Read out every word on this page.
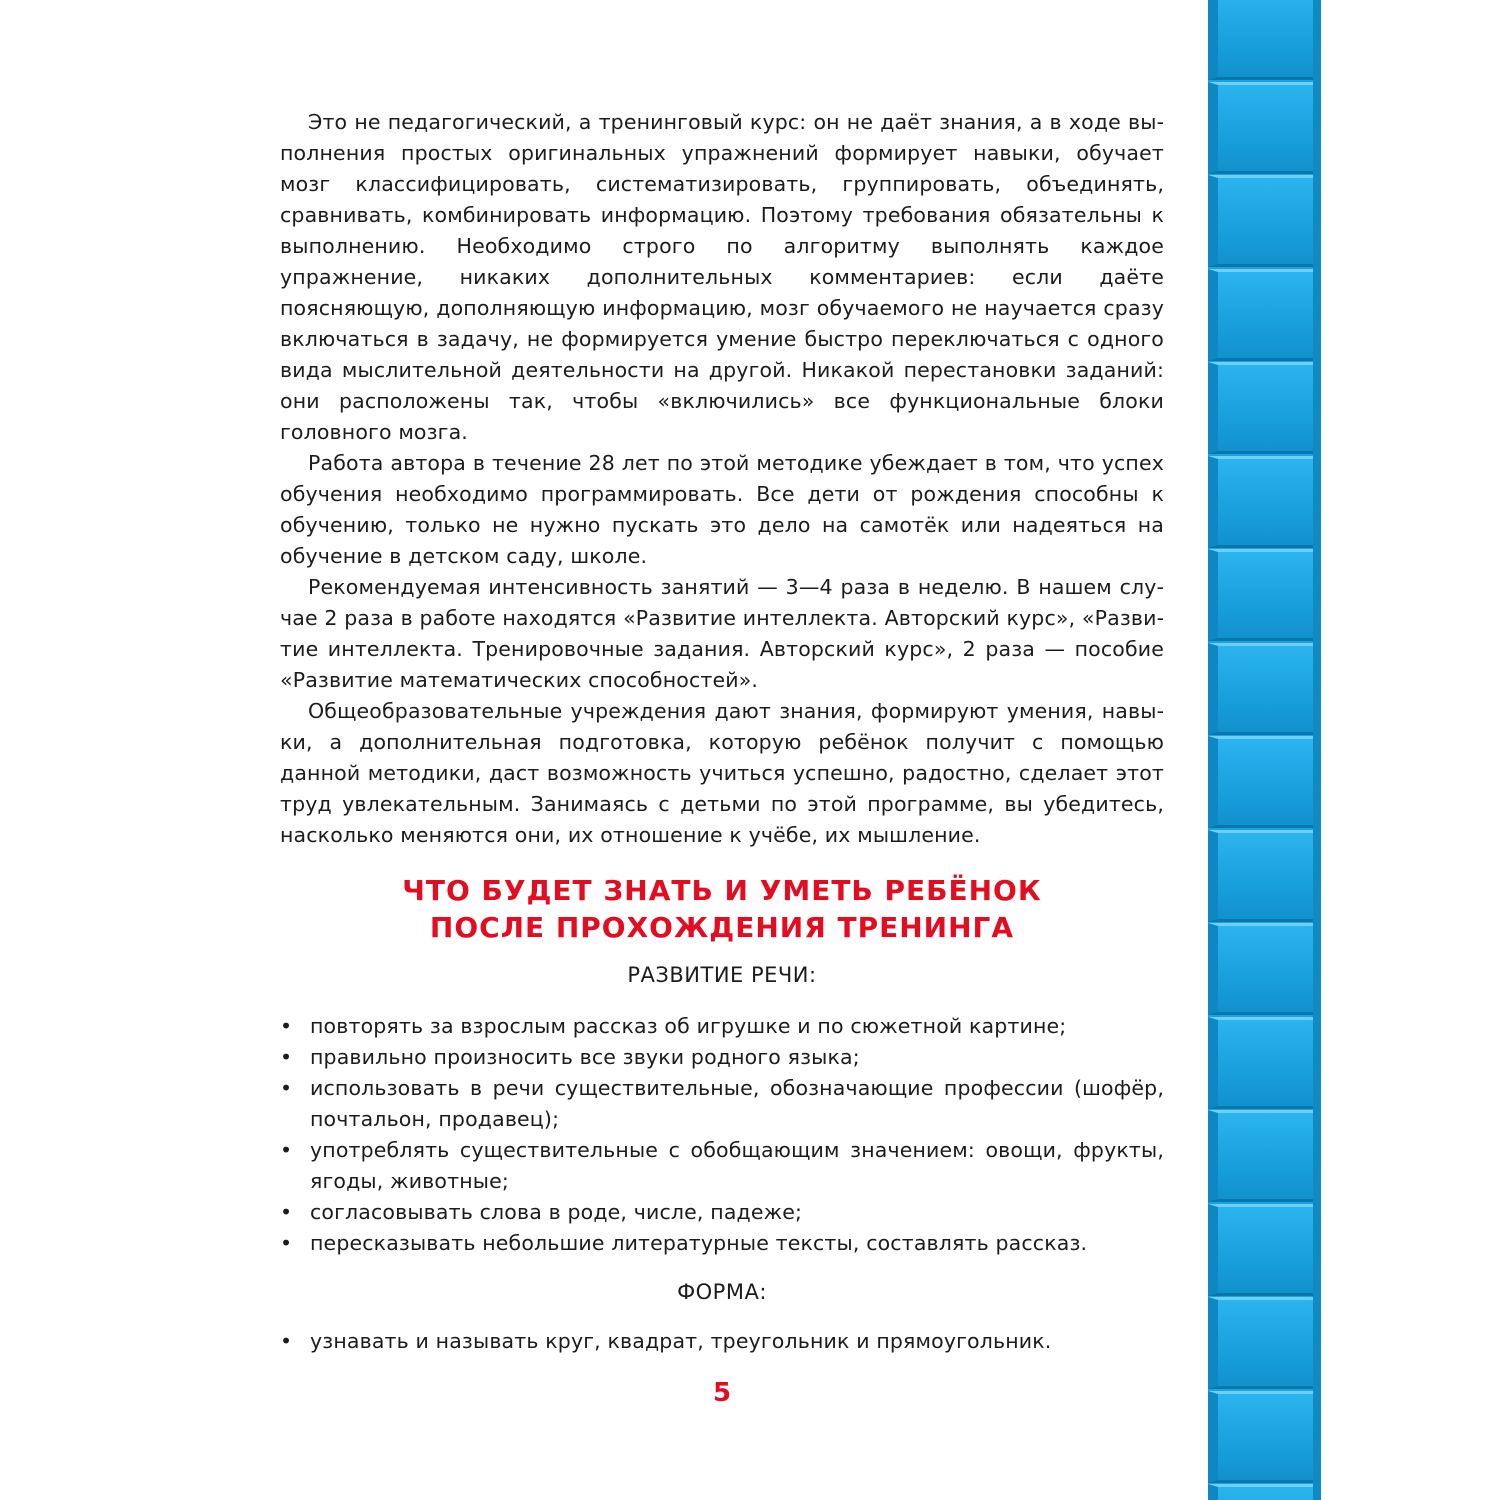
Это не педагогический, а тренинговый курс: он не даёт знания, а в ходе выполнения простых оригинальных упражнений формирует навыки, обучает мозг классифицировать, систематизировать, группировать, объединять, сравнивать, комбинировать информацию. Поэтому требования обязательны к выполнению. Необходимо строго по алгоритму выполнять каждое упражнение, никаких дополнительных комментариев: если даёте поясняющую, дополняющую информацию, мозг обучаемого не научается сразу включаться в задачу, не формируется умение быстро переключаться с одного вида мыслительной деятельности на другой. Никакой перестановки заданий: они расположены так, чтобы «включились» все функциональные блоки головного мозга.

Работа автора в течение 28 лет по этой методике убеждает в том, что успех обучения необходимо программировать. Все дети от рождения способны к обучению, только не нужно пускать это дело на самотёк или надеяться на обучение в детском саду, школе.

Рекомендуемая интенсивность занятий — 3—4 раза в неделю. В нашем случае 2 раза в работе находятся «Развитие интеллекта. Авторский курс», «Развитие интеллекта. Тренировочные задания. Авторский курс», 2 раза — пособие «Развитие математических способностей».

Общеобразовательные учреждения дают знания, формируют умения, навыки, а дополнительная подготовка, которую ребёнок получит с помощью данной методики, даст возможность учиться успешно, радостно, сделает этот труд увлекательным. Занимаясь с детьми по этой программе, вы убедитесь, насколько меняются они, их отношение к учёбе, их мышление.

ЧТО БУДЕТ ЗНАТЬ И УМЕТЬ РЕБЁНОК
ПОСЛЕ ПРОХОЖДЕНИЯ ТРЕНИНГА

РАЗВИТИЕ РЕЧИ:

• повторять за взрослым рассказ об игрушке и по сюжетной картине;
• правильно произносить все звуки родного языка;
• использовать в речи существительные, обозначающие профессии (шофёр, почтальон, продавец);
• употреблять существительные с обобщающим значением: овощи, фрукты, ягоды, животные;
• согласовывать слова в роде, числе, падеже;
• пересказывать небольшие литературные тексты, составлять рассказ.

ФОРМА:

• узнавать и называть круг, квадрат, треугольник и прямоугольник.

5
